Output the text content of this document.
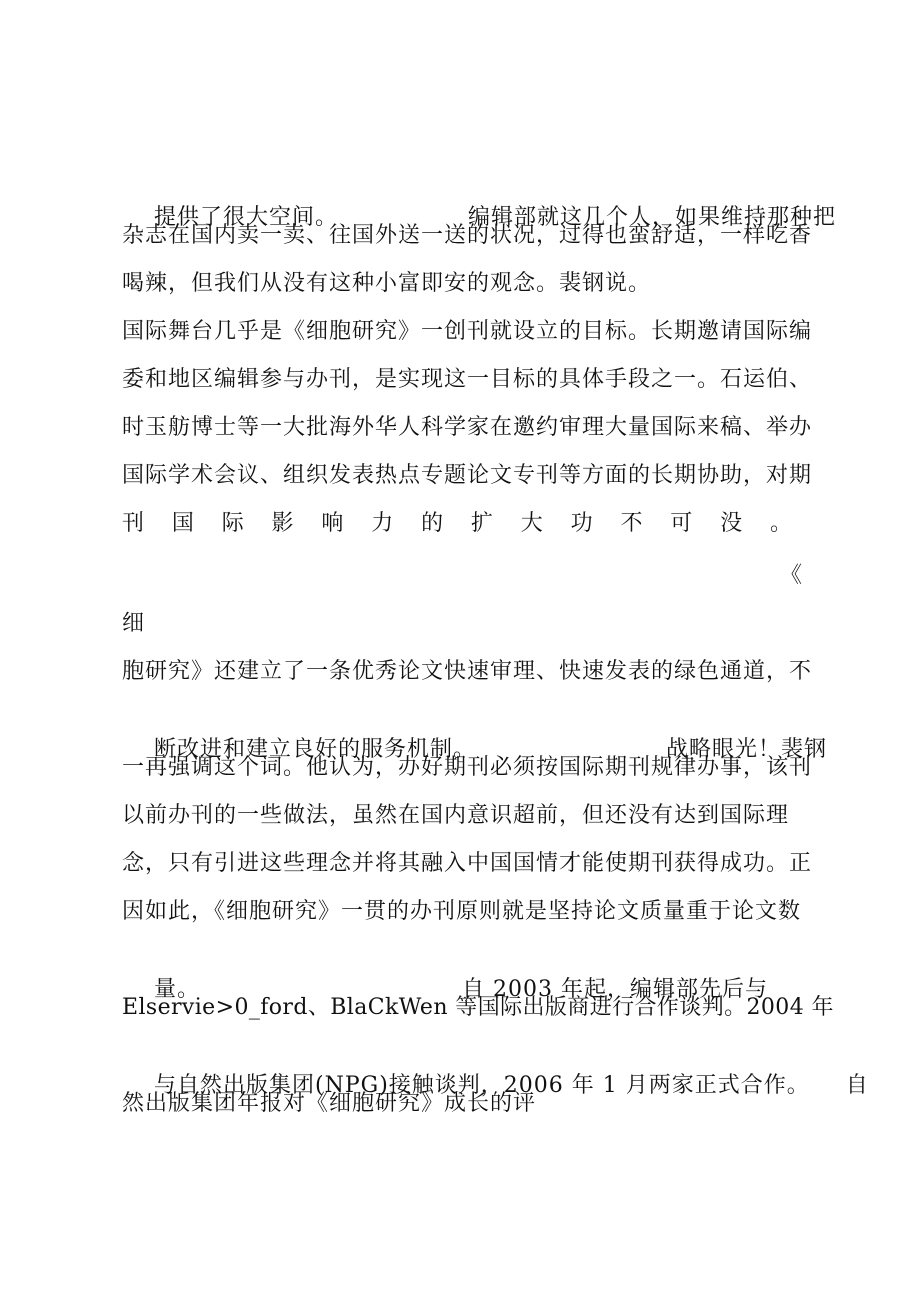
提供了很大空间。	编辑部就这几个人，如果维持那种把

杂志在国内卖一卖、往国外送一送的状况，过得也蛮舒适，一样吃香
喝辣，但我们从没有这种小富即安的观念。裴钢说。
国际舞台几乎是《细胞研究》一创刊就设立的目标。长期邀请国际编
委和地区编辑参与办刊，是实现这一目标的具体手段之一。石运伯、
时玉舫博士等一大批海外华人科学家在邀约审理大量国际来稿、举办
国际学术会议、组织发表热点专题论文专刊等方面的长期协助，对期
刊国际影响力的扩大功不可没。
《
细
胞研究》还建立了一条优秀论文快速审理、快速发表的绿色通道，不

断改进和建立良好的服务机制。	战略眼光！裴钢

一再强调这个词。他认为，办好期刊必须按国际期刊规律办事，该刊
以前办刊的一些做法，虽然在国内意识超前，但还没有达到国际理
念，只有引进这些理念并将其融入中国国情才能使期刊获得成功。正
因如此，《细胞研究》一贯的办刊原则就是坚持论文质量重于论文数

量。	自 2003 年起，编辑部先后与

Elservie>0_ford、BlaCkWen 等国际出版商进行合作谈判。2004 年

与自然出版集团(NPG)接触谈判，2006 年 1 月两家正式合作。 自

然出版集团年报对《细胞研究》成长的评
